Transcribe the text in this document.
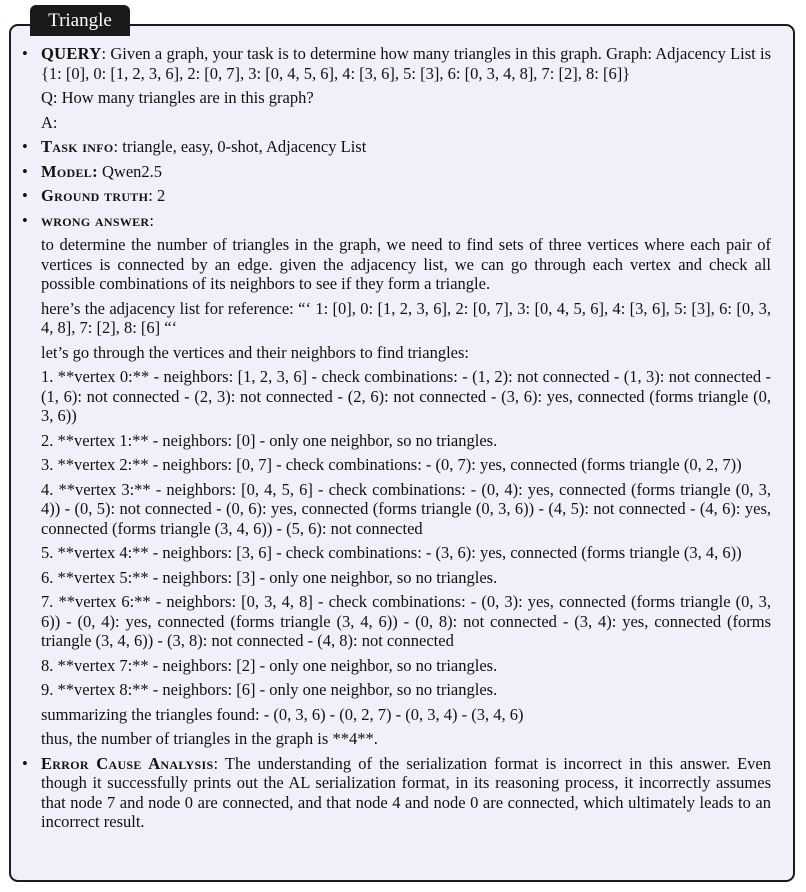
Triangle
• QUERY: Given a graph, your task is to determine how many triangles in this graph. Graph: Adjacency List is {1: [0], 0: [1, 2, 3, 6], 2: [0, 7], 3: [0, 4, 5, 6], 4: [3, 6], 5: [3], 6: [0, 3, 4, 8], 7: [2], 8: [6]}

Q: How many triangles are in this graph?

A:

• Task info: triangle, easy, 0-shot, Adjacency List

• Model: Qwen2.5

• Ground truth: 2

• wrong answer:

to determine the number of triangles in the graph, we need to find sets of three vertices where each pair of vertices is connected by an edge. given the adjacency list, we can go through each vertex and check all possible combinations of its neighbors to see if they form a triangle.

here’s the adjacency list for reference: “‘ 1: [0], 0: [1, 2, 3, 6], 2: [0, 7], 3: [0, 4, 5, 6], 4: [3, 6], 5: [3], 6: [0, 3, 4, 8], 7: [2], 8: [6] “‘

let’s go through the vertices and their neighbors to find triangles:

1. **vertex 0:** - neighbors: [1, 2, 3, 6] - check combinations: - (1, 2): not connected - (1, 3): not connected - (1, 6): not connected - (2, 3): not connected - (2, 6): not connected - (3, 6): yes, connected (forms triangle (0, 3, 6))

2. **vertex 1:** - neighbors: [0] - only one neighbor, so no triangles.

3. **vertex 2:** - neighbors: [0, 7] - check combinations: - (0, 7): yes, connected (forms triangle (0, 2, 7))

4. **vertex 3:** - neighbors: [0, 4, 5, 6] - check combinations: - (0, 4): yes, connected (forms triangle (0, 3, 4)) - (0, 5): not connected - (0, 6): yes, connected (forms triangle (0, 3, 6)) - (4, 5): not connected - (4, 6): yes, connected (forms triangle (3, 4, 6)) - (5, 6): not connected

5. **vertex 4:** - neighbors: [3, 6] - check combinations: - (3, 6): yes, connected (forms triangle (3, 4, 6))

6. **vertex 5:** - neighbors: [3] - only one neighbor, so no triangles.

7. **vertex 6:** - neighbors: [0, 3, 4, 8] - check combinations: - (0, 3): yes, connected (forms triangle (0, 3, 6)) - (0, 4): yes, connected (forms triangle (3, 4, 6)) - (0, 8): not connected - (3, 4): yes, connected (forms triangle (3, 4, 6)) - (3, 8): not connected - (4, 8): not connected

8. **vertex 7:** - neighbors: [2] - only one neighbor, so no triangles.

9. **vertex 8:** - neighbors: [6] - only one neighbor, so no triangles.

summarizing the triangles found: - (0, 3, 6) - (0, 2, 7) - (0, 3, 4) - (3, 4, 6)

thus, the number of triangles in the graph is **4**.

• Error Cause Analysis: The understanding of the serialization format is incorrect in this answer. Even though it successfully prints out the AL serialization format, in its reasoning process, it incorrectly assumes that node 7 and node 0 are connected, and that node 4 and node 0 are connected, which ultimately leads to an incorrect result.
